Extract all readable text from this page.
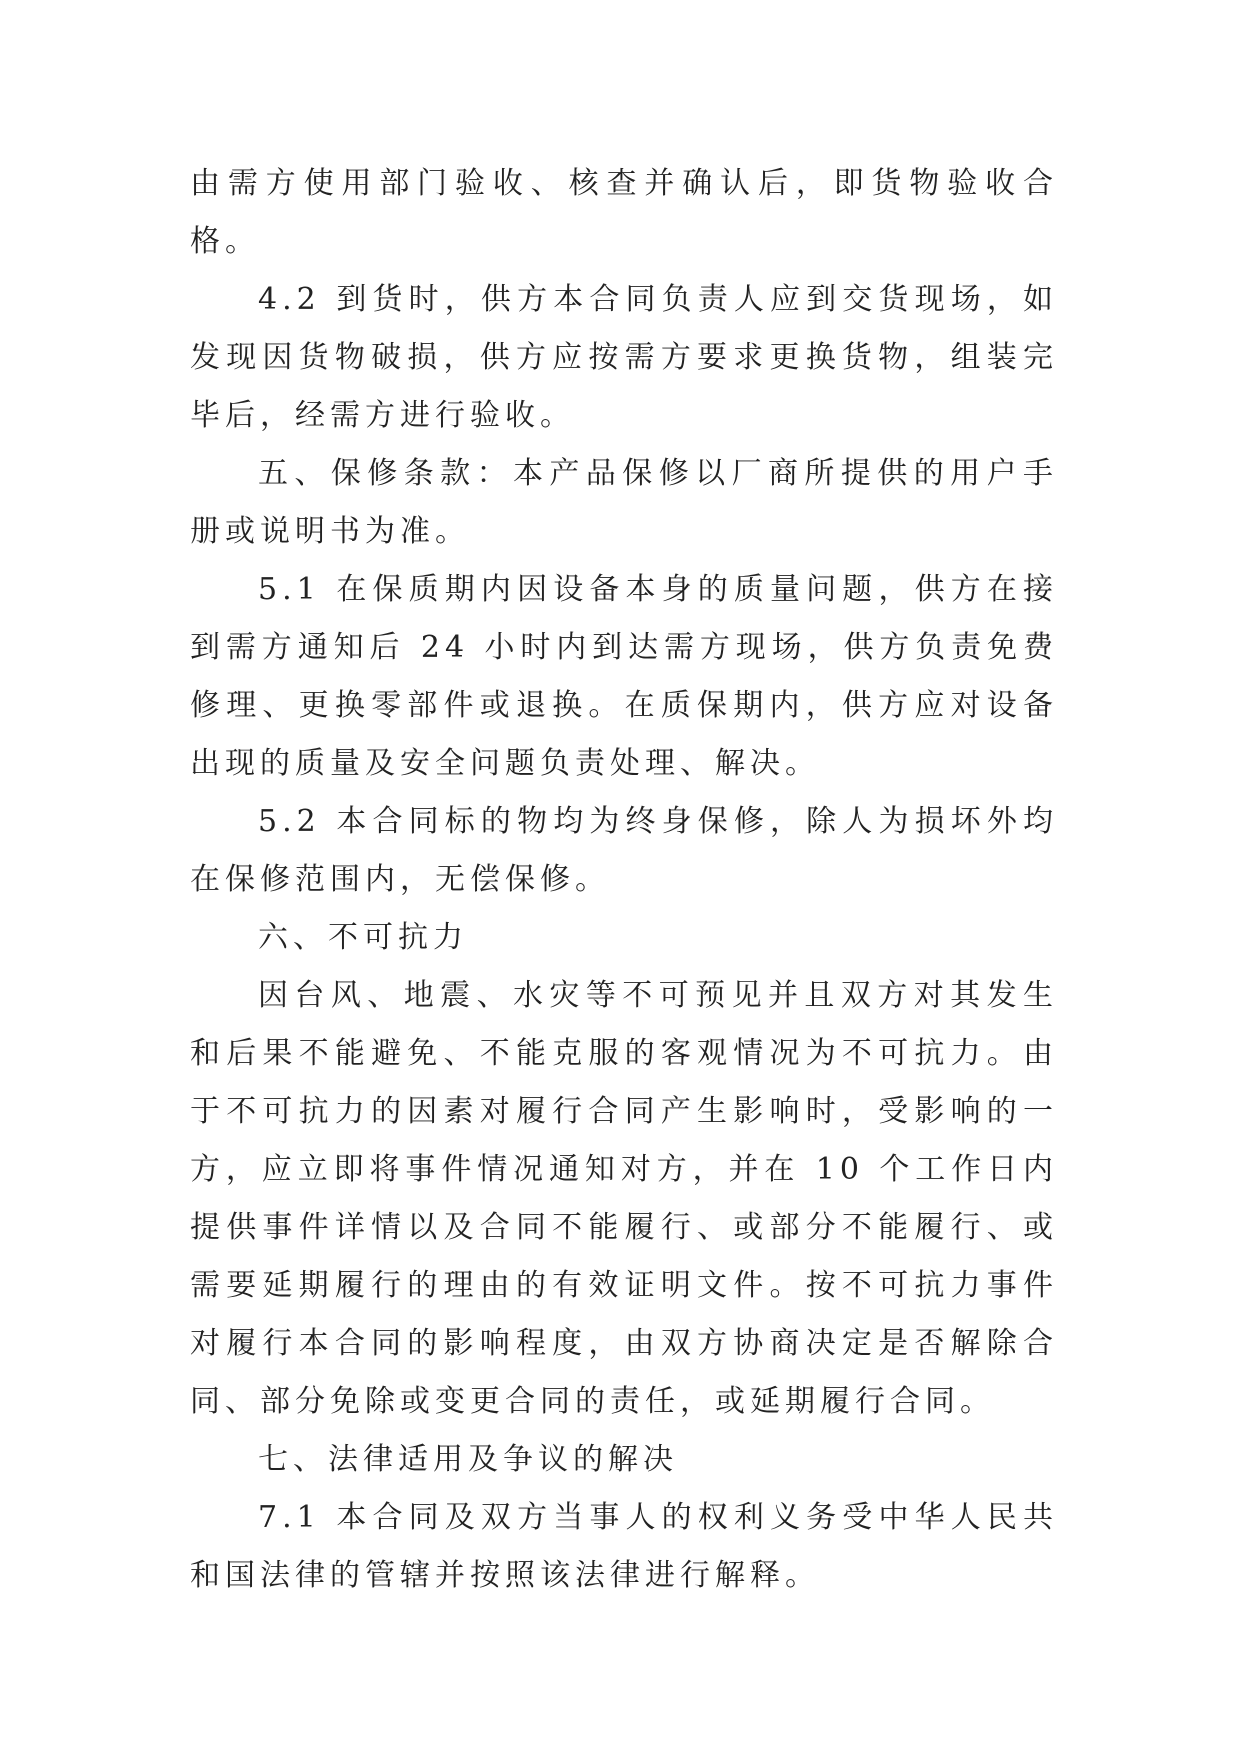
由需方使用部门验收、核查并确认后，即货物验收合格。

4.2 到货时，供方本合同负责人应到交货现场，如发现因货物破损，供方应按需方要求更换货物，组装完毕后，经需方进行验收。

五、保修条款：本产品保修以厂商所提供的用户手册或说明书为准。

5.1 在保质期内因设备本身的质量问题，供方在接到需方通知后 24 小时内到达需方现场，供方负责免费修理、更换零部件或退换。在质保期内，供方应对设备出现的质量及安全问题负责处理、解决。

5.2 本合同标的物均为终身保修，除人为损坏外均在保修范围内，无偿保修。

六、不可抗力

因台风、地震、水灾等不可预见并且双方对其发生和后果不能避免、不能克服的客观情况为不可抗力。由于不可抗力的因素对履行合同产生影响时，受影响的一方，应立即将事件情况通知对方，并在 10 个工作日内提供事件详情以及合同不能履行、或部分不能履行、或需要延期履行的理由的有效证明文件。按不可抗力事件对履行本合同的影响程度，由双方协商决定是否解除合同、部分免除或变更合同的责任，或延期履行合同。

七、法律适用及争议的解决

7.1 本合同及双方当事人的权利义务受中华人民共和国法律的管辖并按照该法律进行解释。
